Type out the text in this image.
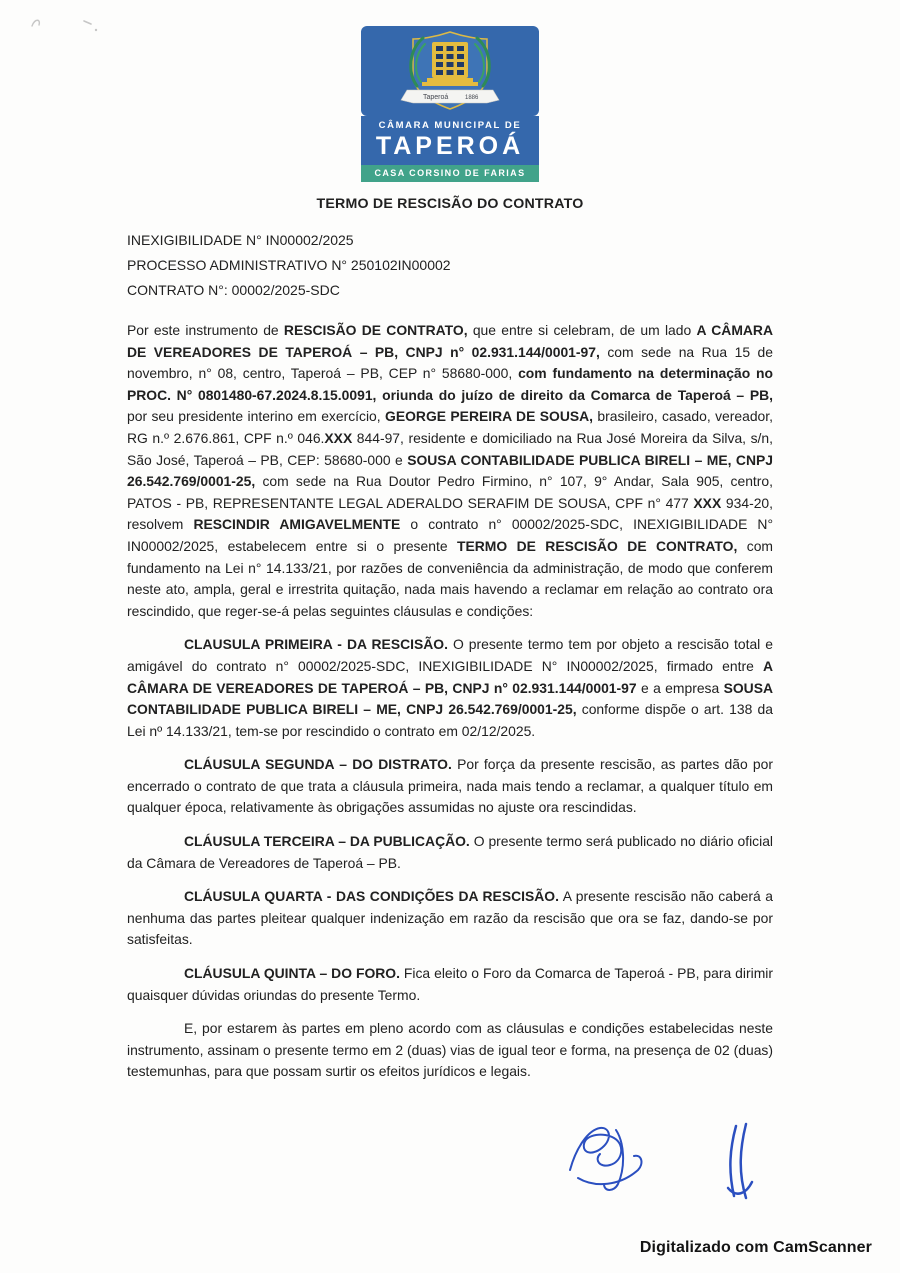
Taperoá	1886
CÂMARA MUNICIPAL DE
TAPEROÁ
CASA CORSINO DE FARIAS
TERMO DE RESCISÃO DO CONTRATO
INEXIGIBILIDADE N° IN00002/2025
PROCESSO ADMINISTRATIVO N° 250102IN00002
CONTRATO N°: 00002/2025-SDC

Por este instrumento de RESCISÃO DE CONTRATO, que entre si celebram, de um lado A CÂMARA DE VEREADORES DE TAPEROÁ – PB, CNPJ n° 02.931.144/0001-97, com sede na Rua 15 de novembro, n° 08, centro, Taperoá – PB, CEP n° 58680-000, com fundamento na determinação no PROC. N° 0801480-67.2024.8.15.0091, oriunda do juízo de direito da Comarca de Taperoá – PB, por seu presidente interino em exercício, GEORGE PEREIRA DE SOUSA, brasileiro, casado, vereador, RG n.º 2.676.861, CPF n.º 046.XXX 844-97, residente e domiciliado na Rua José Moreira da Silva, s/n, São José, Taperoá – PB, CEP: 58680-000 e SOUSA CONTABILIDADE PUBLICA BIRELI – ME, CNPJ 26.542.769/0001-25, com sede na Rua Doutor Pedro Firmino, n° 107, 9° Andar, Sala 905, centro, PATOS - PB, REPRESENTANTE LEGAL ADERALDO SERAFIM DE SOUSA, CPF n° 477 XXX 934-20, resolvem RESCINDIR AMIGAVELMENTE o contrato n° 00002/2025-SDC, INEXIGIBILIDADE N° IN00002/2025, estabelecem entre si o presente TERMO DE RESCISÃO DE CONTRATO, com fundamento na Lei n° 14.133/21, por razões de conveniência da administração, de modo que conferem neste ato, ampla, geral e irrestrita quitação, nada mais havendo a reclamar em relação ao contrato ora rescindido, que reger-se-á pelas seguintes cláusulas e condições:

CLAUSULA PRIMEIRA - DA RESCISÃO. O presente termo tem por objeto a rescisão total e amigável do contrato n° 00002/2025-SDC, INEXIGIBILIDADE N° IN00002/2025, firmado entre A CÂMARA DE VEREADORES DE TAPEROÁ – PB, CNPJ n° 02.931.144/0001-97 e a empresa SOUSA CONTABILIDADE PUBLICA BIRELI – ME, CNPJ 26.542.769/0001-25, conforme dispõe o art. 138 da Lei nº 14.133/21, tem-se por rescindido o contrato em 02/12/2025.

CLÁUSULA SEGUNDA – DO DISTRATO. Por força da presente rescisão, as partes dão por encerrado o contrato de que trata a cláusula primeira, nada mais tendo a reclamar, a qualquer título em qualquer época, relativamente às obrigações assumidas no ajuste ora rescindidas.

CLÁUSULA TERCEIRA – DA PUBLICAÇÃO. O presente termo será publicado no diário oficial da Câmara de Vereadores de Taperoá – PB.

CLÁUSULA QUARTA - DAS CONDIÇÕES DA RESCISÃO. A presente rescisão não caberá a nenhuma das partes pleitear qualquer indenização em razão da rescisão que ora se faz, dando-se por satisfeitas.

CLÁUSULA QUINTA – DO FORO. Fica eleito o Foro da Comarca de Taperoá - PB, para dirimir quaisquer dúvidas oriundas do presente Termo.

E, por estarem às partes em pleno acordo com as cláusulas e condições estabelecidas neste instrumento, assinam o presente termo em 2 (duas) vias de igual teor e forma, na presença de 02 (duas) testemunhas, para que possam surtir os efeitos jurídicos e legais.

Digitalizado com CamScanner
